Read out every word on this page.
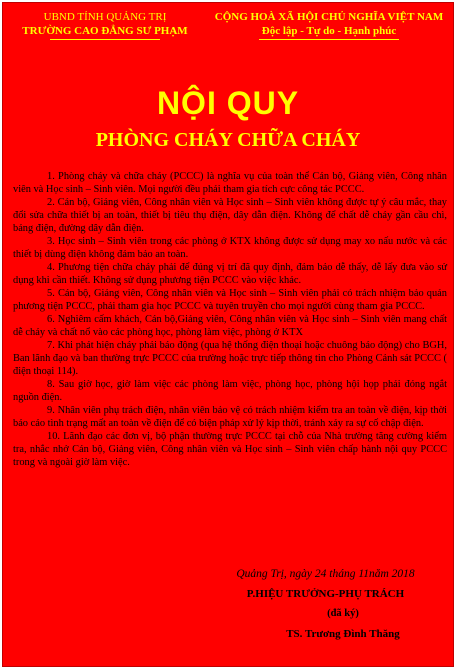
UBND TỈNH QUẢNG TRỊ
TRƯỜNG CAO ĐẲNG SƯ PHẠM
CỘNG HOÀ XÃ HỘI CHỦ NGHĨA VIỆT NAM
Độc lập - Tự do - Hạnh phúc
NỘI QUY
PHÒNG CHÁY CHỮA CHÁY

1. Phòng cháy và chữa cháy (PCCC) là nghĩa vụ của toàn thể Cán bộ, Giảng viên, Công nhân viên và Học sinh – Sinh viên. Mọi người đều phải tham gia tích cực công tác PCCC.

2. Cán bộ, Giảng viên, Công nhân viên và Học sinh – Sinh viên không được tự ý câu mắc, thay đổi sửa chữa thiết bị an toàn, thiết bị tiêu thụ điện, dây dẫn điện. Không để chất dễ cháy gần cầu chì, bảng điện, đường dây dẫn điện.

3. Học sinh – Sinh viên trong các phòng ở KTX không được sử dụng may xo nấu nước và các thiết bị dùng điện không đảm bảo an toàn.

4. Phương tiện chữa cháy phải để đúng vị trí đã quy định, đảm bảo dễ thấy, dễ lấy đưa vào sử dụng khi cần thiết. Không sử dụng phương tiện PCCC vào việc khác.

5. Cán bộ, Giảng viên, Công nhân viên và Học sinh – Sinh viên phải có trách nhiệm bảo quản phương tiện PCCC, phải tham gia học PCCC và tuyên truyền cho mọi người cùng tham gia PCCC.

6. Nghiêm cấm khách, Cán bộ,Giảng viên, Công nhân viên và Học sinh – Sinh viên mang chất dễ cháy và chất nổ vào các phòng học, phòng làm việc, phòng ở KTX

7. Khi phát hiện cháy phải báo động (qua hệ thống điện thoại hoặc chuông báo động) cho BGH, Ban lãnh đạo và ban thường trực PCCC của trường hoặc trực tiếp thông tin cho Phòng Cảnh sát PCCC ( điện thoại 114).

8. Sau giờ học, giờ làm việc các phòng làm việc, phòng học, phòng hội họp phải đóng ngắt nguồn điện.

9. Nhân viên phụ trách điện, nhân viên bảo vệ có trách nhiệm kiểm tra an toàn về điện, kịp thời báo cáo tình trạng mất an toàn về điện để có biện pháp xử lý kịp thời, tránh xảy ra sự cố chập điện.

10. Lãnh đạo các đơn vị, bộ phận thường trực PCCC tại chỗ của Nhà trường tăng cường kiểm tra, nhắc nhở Cán bộ, Giảng viên, Công nhân viên và Học sinh – Sinh viên chấp hành nội quy PCCC trong và ngoài giờ làm việc.

Quảng Trị, ngày 24 tháng 11năm 2018
P.HIỆU TRƯỞNG-PHỤ TRÁCH
(đã ký)
TS. Trương Đình Thăng
